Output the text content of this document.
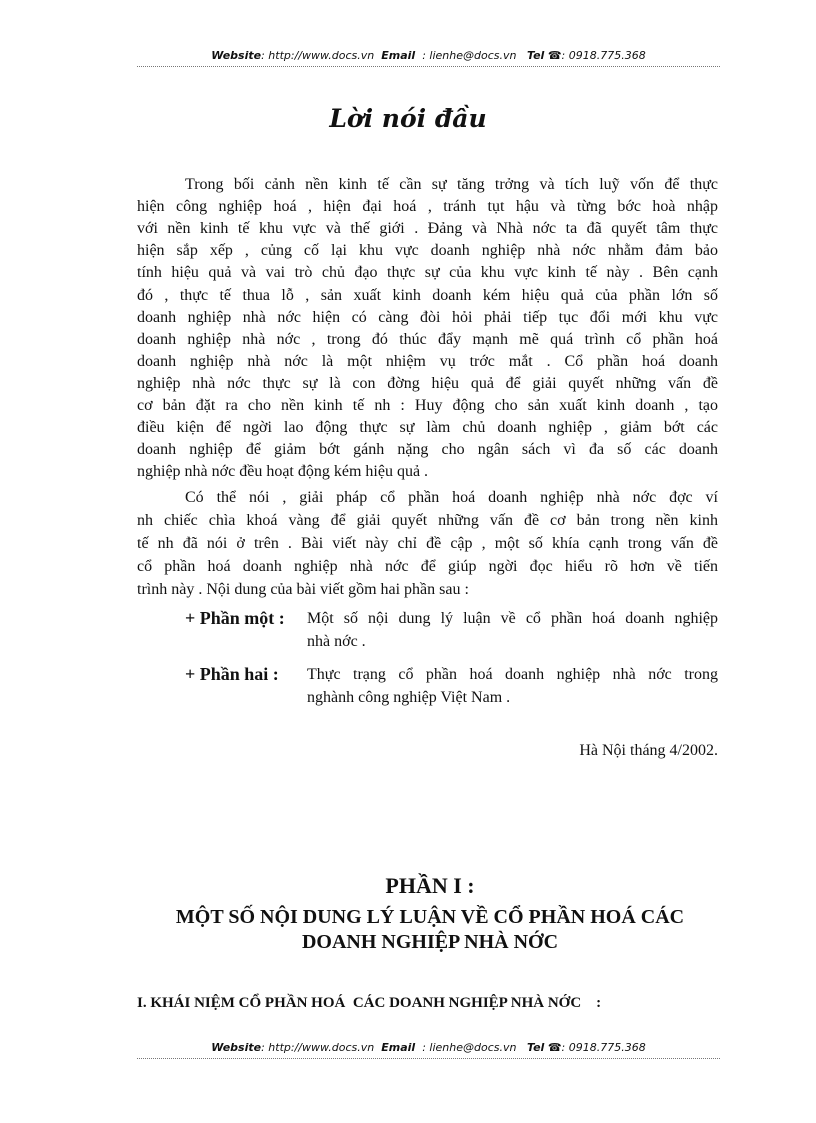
Website: http://www.docs.vn Email : lienhe@docs.vn Tel ☎: 0918.775.368
Lời nói đầu
Trong bối cảnh nền kinh tế cần sự tăng trởng và tích luỹ vốn để thực
hiện công nghiệp hoá , hiện đại hoá , tránh tụt hậu và từng bớc hoà nhập
với nền kinh tế khu vực và thế giới . Đảng và Nhà nớc ta đã quyết tâm thực
hiện sắp xếp , củng cố lại khu vực doanh nghiệp nhà nớc nhằm đảm bảo
tính hiệu quả và vai trò chủ đạo thực sự của khu vực kinh tế này . Bên cạnh
đó , thực tế thua lỗ , sản xuất kinh doanh kém hiệu quả của phần lớn số
doanh nghiệp nhà nớc hiện có càng đòi hỏi phải tiếp tục đổi mới khu vực
doanh nghiệp nhà nớc , trong đó thúc đẩy mạnh mẽ quá trình cổ phần hoá
doanh nghiệp nhà nớc là một nhiệm vụ trớc mắt . Cổ phần hoá doanh
nghiệp nhà nớc thực sự là con đờng hiệu quả để giải quyết những vấn đề
cơ bản đặt ra cho nền kinh tế nh : Huy động cho sản xuất kinh doanh , tạo
điều kiện để ngời lao động thực sự làm chủ doanh nghiệp , giảm bớt các
doanh nghiệp để giảm bớt gánh nặng cho ngân sách vì đa số các doanh
nghiệp nhà nớc đều hoạt động kém hiệu quả .
Có thể nói , giải pháp cổ phần hoá doanh nghiệp nhà nớc đợc ví
nh chiếc chìa khoá vàng để giải quyết những vấn đề cơ bản trong nền kinh
tế nh đã nói ở trên . Bài viết này chỉ đề cập , một số khía cạnh trong vấn đề
cổ phần hoá doanh nghiệp nhà nớc để giúp ngời đọc hiểu rõ hơn về tiến
trình này . Nội dung của bài viết gồm hai phần sau :
+ Phần một : Một số nội dung lý luận về cổ phần hoá doanh nghiệp
nhà nớc .
+ Phần hai : Thực trạng cổ phần hoá doanh nghiệp nhà nớc trong
nghành công nghiệp Việt Nam .
Hà Nội tháng 4/2002.
PHẦN I :
MỘT SỐ NỘI DUNG LÝ LUẬN VỀ CỔ PHẦN HOÁ CÁC
DOANH NGHIỆP NHÀ NỚC
I. KHÁI NIỆM CỔ PHẦN HOÁ  CÁC DOANH NGHIỆP NHÀ NỚC    :
Website: http://www.docs.vn Email : lienhe@docs.vn Tel ☎: 0918.775.368
